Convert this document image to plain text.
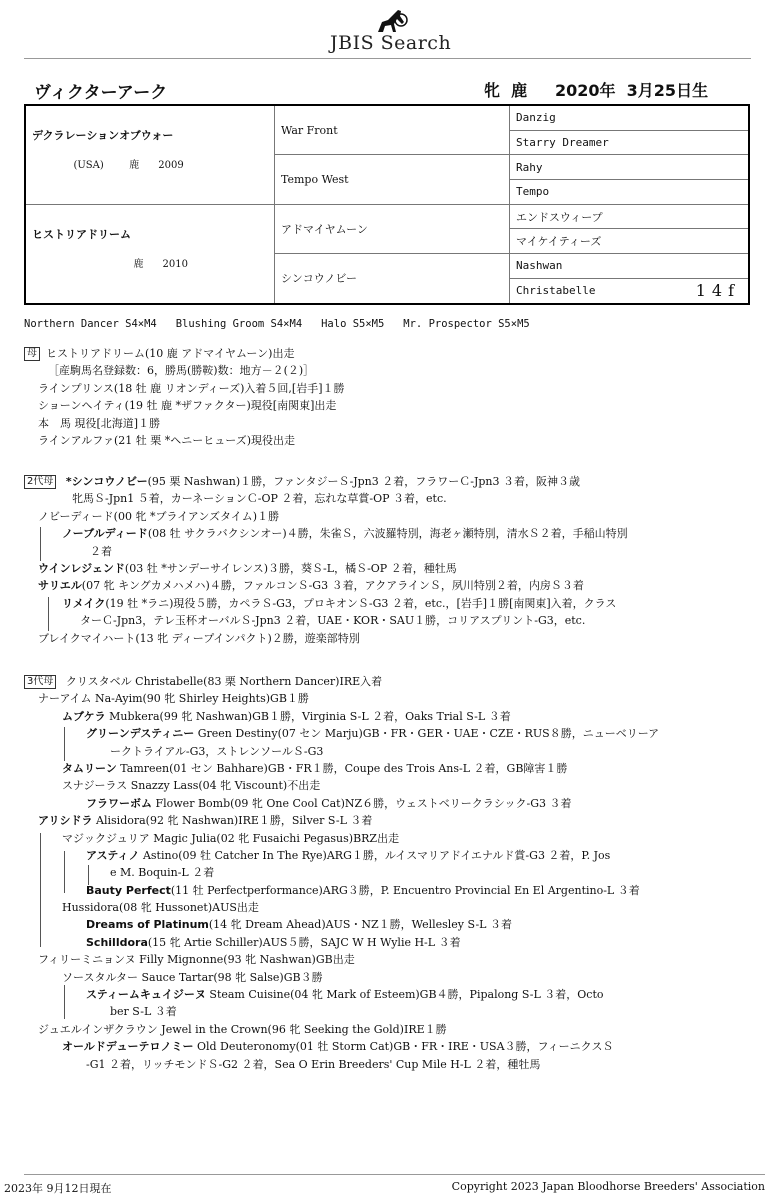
JBIS Search
ヴィクターアーク	牝  鹿     2020年  3月25日生
デクラレーションオブウォー

(USA) 鹿 2009	War Front	Danzig
		Starry Dreamer
	Tempo West	Rahy
		Tempo

ヒストリアドリーム

鹿 2010	アドマイヤムーン	エンドスウィープ
		マイケイティーズ
	シンコウノビー	Nashwan
		Christabelle 14f
Northern Dancer S4×M4   Blushing Groom S4×M4   Halo S5×M5   Mr. Prospector S5×M5
母 ヒストリアドリーム(10 鹿 アドマイヤムーン)出走
［産駒馬名登録数：6，勝馬(勝鞍)数：地方－２(２)］
ラインプリンス(18 牡 鹿 リオンディーズ)入着５回,[岩手]１勝
ショーンヘイティ(19 牡 鹿 *ザファクター)現役[南関東]出走
本　馬 現役[北海道]１勝
ラインアルファ(21 牡 栗 *ヘニーヒューズ)現役出走
2代母 *シンコウノビー(95 栗 Nashwan)１勝，ファンタジーＳ-Jpn3 ２着，フラワーＣ-Jpn3 ３着，阪神３歳
牝馬Ｓ-Jpn1 ５着，カーネーションＣ-OP ２着，忘れな草賞-OP ３着，etc.
ノビーディード(00 牝 *ブライアンズタイム)１勝
ノーブルディード(08 牡 サクラバクシンオー)４勝，朱雀Ｓ，六波羅特別，海老ヶ瀬特別，清水Ｓ２着，手稲山特別
２着
ウインレジェンド(03 牡 *サンデーサイレンス)３勝，葵Ｓ-L，橘Ｓ-OP ２着，種牡馬
サリエル(07 牝 キングカメハメハ)４勝，ファルコンＳ-G3 ３着，アクアラインＳ，夙川特別２着，内房Ｓ３着
リメイク(19 牡 *ラニ)現役５勝，カペラＳ-G3，プロキオンＳ-G3 ２着，etc.，[岩手]１勝[南関東]入着，クラス
ターＣ-Jpn3，テレ玉杯オーバルＳ-Jpn3 ２着，UAE・KOR・SAU１勝，コリアスプリント-G3，etc.
ブレイクマイハート(13 牝 ディープインパクト)２勝，遊楽部特別
3代母 クリスタベル Christabelle(83 栗 Northern Dancer)IRE入着
ナーアイム Na-Ayim(90 牝 Shirley Heights)GB１勝
ムブケラ Mubkera(99 牝 Nashwan)GB１勝，Virginia S-L ２着，Oaks Trial S-L ３着
グリーンデスティニー Green Destiny(07 セン Marju)GB・FR・GER・UAE・CZE・RUS８勝，ニューベリーア
ークトライアル-G3，ストレンソールＳ-G3
タムリーン Tamreen(01 セン Bahhare)GB・FR１勝，Coupe des Trois Ans-L ２着，GB障害１勝
スナジーラス Snazzy Lass(04 牝 Viscount)不出走
フラワーボム Flower Bomb(09 牝 One Cool Cat)NZ６勝，ウェストベリークラシック-G3 ３着
アリシドラ Alisidora(92 牝 Nashwan)IRE１勝，Silver S-L ３着
マジックジュリア Magic Julia(02 牝 Fusaichi Pegasus)BRZ出走
アスティノ Astino(09 牡 Catcher In The Rye)ARG１勝，ルイスマリアドイエナルド賞-G3 ２着，P. Jos
e M. Boquin-L ２着
Bauty Perfect(11 牡 Perfectperformance)ARG３勝，P. Encuentro Provincial En El Argentino-L ３着
Hussidora(08 牝 Hussonet)AUS出走
Dreams of Platinum(14 牝 Dream Ahead)AUS・NZ１勝，Wellesley S-L ３着
Schilldora(15 牝 Artie Schiller)AUS５勝，SAJC W H Wylie H-L ３着
フィリーミニョンヌ Filly Mignonne(93 牝 Nashwan)GB出走
ソースタルター Sauce Tartar(98 牝 Salse)GB３勝
スティームキュイジーヌ Steam Cuisine(04 牝 Mark of Esteem)GB４勝，Pipalong S-L ３着，Octo
ber S-L ３着
ジュエルインザクラウン Jewel in the Crown(96 牝 Seeking the Gold)IRE１勝
オールドデューテロノミー Old Deuteronomy(01 牡 Storm Cat)GB・FR・IRE・USA３勝，フィーニクスＳ
-G1 ２着，リッチモンドＳ-G2 ２着，Sea O Erin Breeders' Cup Mile H-L ２着，種牡馬
2023年 9月12日現在	Copyright 2023 Japan Bloodhorse Breeders' Association
